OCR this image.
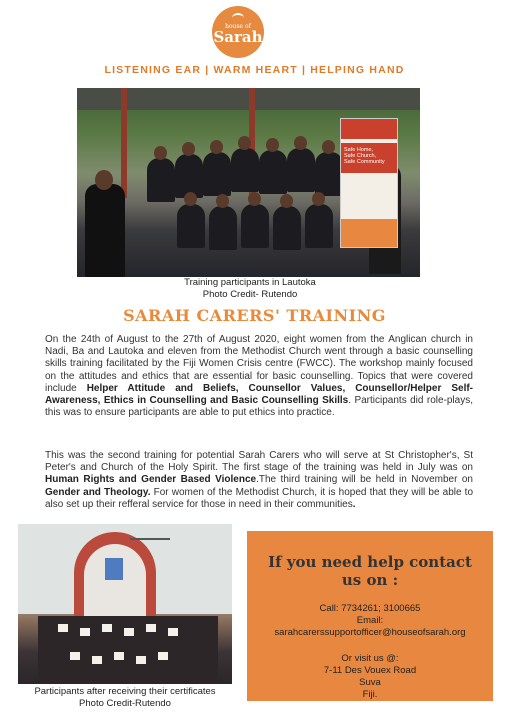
house of
Sarah
LISTENING EAR | WARM HEART | HELPING HAND
Safe Home,
Safe Church,
Safe Community
Training participants in Lautoka
Photo Credit- Rutendo
SARAH CARERS' TRAINING
On the 24th of August to the 27th of August 2020, eight women from the Anglican church in Nadi, Ba and Lautoka and eleven from the Methodist Church went through a basic counselling skills training facilitated by the Fiji Women Crisis centre (FWCC). The workshop mainly focused on the attitudes and ethics that are essential for basic counselling. Topics that were covered include Helper Attitude and Beliefs, Counsellor Values, Counsellor/Helper Self- Awareness, Ethics in Counselling and Basic Counselling Skills. Participants did role-plays, this was to ensure participants are able to put ethics into practice.
This was the second training for potential Sarah Carers who will serve at St Christopher's, St Peter's and Church of the Holy Spirit. The first stage of the training was held in July was on Human Rights and Gender Based Violence.The third training will be held in November on Gender and Theology. For women of the Methodist Church, it is hoped that they will be able to also set up their refferal service for those in need in their communities.
Participants after receiving their certificates
Photo Credit-Rutendo
If you need help contact
us on :
Call: 7734261; 3100665
Email:
sarahcarerssupportofficer@houseofsarah.org
Or visit us @:
7-11 Des Vouex Road
Suva
Fiji.
